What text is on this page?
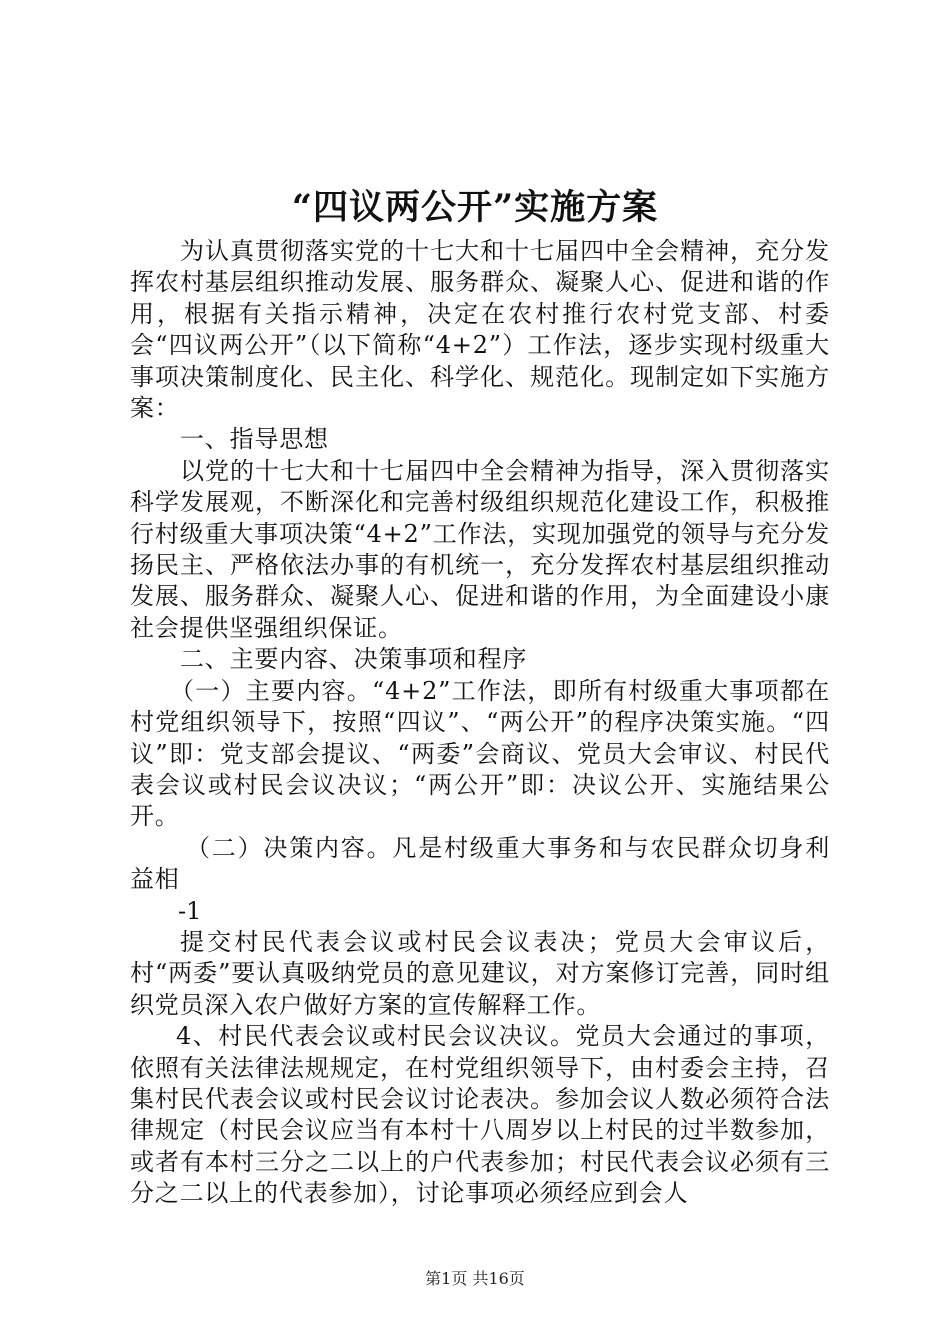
“四议两公开”实施方案

为认真贯彻落实党的十七大和十七届四中全会精神，充分发挥农村基层组织推动发展、服务群众、凝聚人心、促进和谐的作用，根据有关指示精神，决定在农村推行农村党支部、村委会“四议两公开”（以下简称“4+2”）工作法，逐步实现村级重大事项决策制度化、民主化、科学化、规范化。现制定如下实施方案：

一、指导思想

以党的十七大和十七届四中全会精神为指导，深入贯彻落实科学发展观，不断深化和完善村级组织规范化建设工作，积极推行村级重大事项决策“4+2”工作法，实现加强党的领导与充分发扬民主、严格依法办事的有机统一，充分发挥农村基层组织推动发展、服务群众、凝聚人心、促进和谐的作用，为全面建设小康社会提供坚强组织保证。

二、主要内容、决策事项和程序

（一）主要内容。“4+2”工作法，即所有村级重大事项都在村党组织领导下，按照“四议”、“两公开”的程序决策实施。“四议”即：党支部会提议、“两委”会商议、党员大会审议、村民代表会议或村民会议决议；“两公开”即：决议公开、实施结果公开。

（二）决策内容。凡是村级重大事务和与农民群众切身利益相

-1

提交村民代表会议或村民会议表决；党员大会审议后，村“两委”要认真吸纳党员的意见建议，对方案修订完善，同时组织党员深入农户做好方案的宣传解释工作。

4、村民代表会议或村民会议决议。党员大会通过的事项，依照有关法律法规规定，在村党组织领导下，由村委会主持，召集村民代表会议或村民会议讨论表决。参加会议人数必须符合法律规定（村民会议应当有本村十八周岁以上村民的过半数参加，或者有本村三分之二以上的户代表参加；村民代表会议必须有三分之二以上的代表参加），讨论事项必须经应到会人

第1页 共16页
